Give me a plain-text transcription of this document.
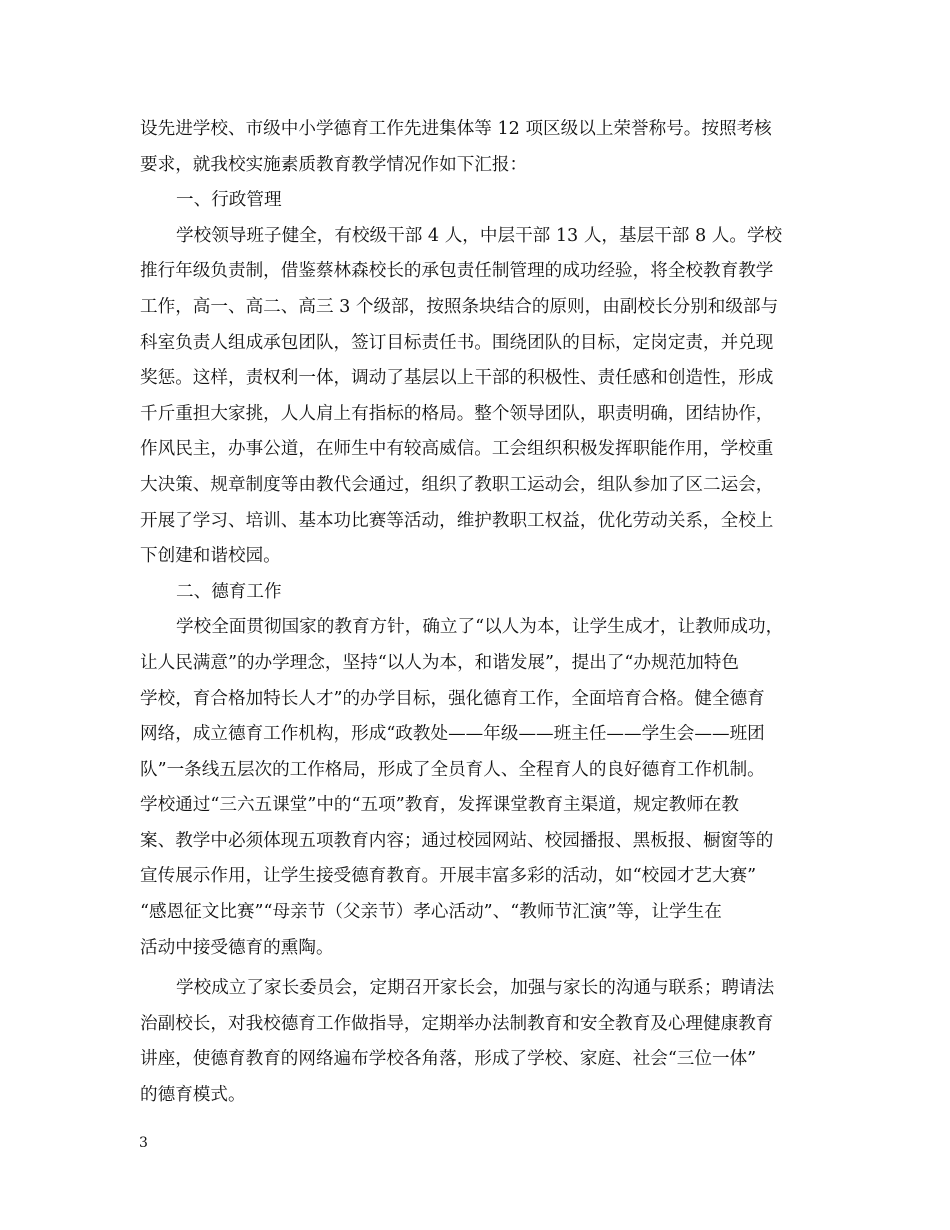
设先进学校、市级中小学德育工作先进集体等 12 项区级以上荣誉称号。按照考核
要求，就我校实施素质教育教学情况作如下汇报：
一、行政管理
学校领导班子健全，有校级干部 4 人，中层干部 13 人，基层干部 8 人。学校
推行年级负责制，借鉴蔡林森校长的承包责任制管理的成功经验，将全校教育教学
工作，高一、高二、高三 3 个级部，按照条块结合的原则，由副校长分别和级部与
科室负责人组成承包团队，签订目标责任书。围绕团队的目标，定岗定责，并兑现
奖惩。这样，责权利一体，调动了基层以上干部的积极性、责任感和创造性，形成
千斤重担大家挑，人人肩上有指标的格局。整个领导团队，职责明确，团结协作，
作风民主，办事公道，在师生中有较高威信。工会组织积极发挥职能作用，学校重
大决策、规章制度等由教代会通过，组织了教职工运动会，组队参加了区二运会，
开展了学习、培训、基本功比赛等活动，维护教职工权益，优化劳动关系，全校上
下创建和谐校园。
二、德育工作
学校全面贯彻国家的教育方针，确立了“以人为本，让学生成才，让教师成功，
让人民满意”的办学理念，坚持“以人为本，和谐发展”，提出了“办规范加特色
学校，育合格加特长人才”的办学目标，强化德育工作，全面培育合格。健全德育
网络，成立德育工作机构，形成“政教处——年级——班主任——学生会——班团
队”一条线五层次的工作格局，形成了全员育人、全程育人的良好德育工作机制。
学校通过“三六五课堂”中的“五项”教育，发挥课堂教育主渠道，规定教师在教
案、教学中必须体现五项教育内容；通过校园网站、校园播报、黑板报、橱窗等的
宣传展示作用，让学生接受德育教育。开展丰富多彩的活动，如“校园才艺大赛”
“感恩征文比赛”“母亲节（父亲节）孝心活动”、“教师节汇演”等，让学生在
活动中接受德育的熏陶。
学校成立了家长委员会，定期召开家长会，加强与家长的沟通与联系；聘请法
治副校长，对我校德育工作做指导，定期举办法制教育和安全教育及心理健康教育
讲座，使德育教育的网络遍布学校各角落，形成了学校、家庭、社会“三位一体”
的德育模式。
3
